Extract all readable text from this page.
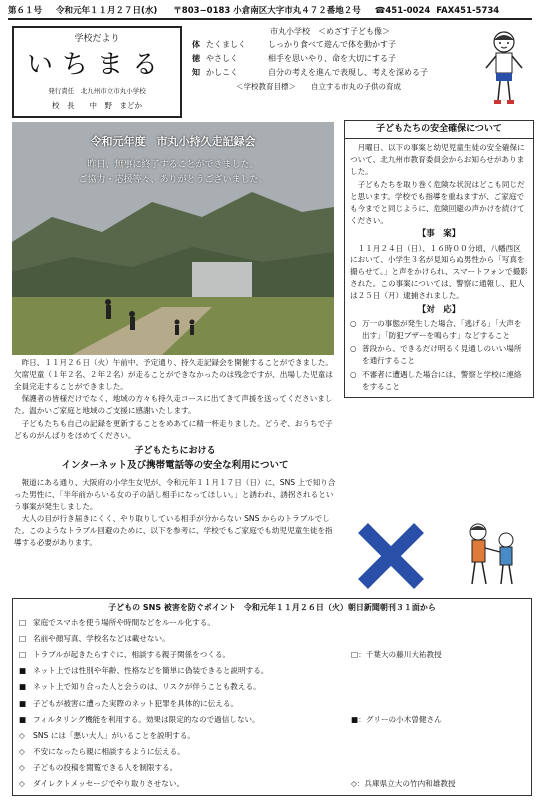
第６１号 令和元年１１月２７日(水) 〒803−0183 小倉南区大字市丸４７２番地２号 ☎451-0024 FAX451-5734
学校だより
いちまる
発行責任　北九州市立市丸小学校
校　長　　中　野　まどか
市丸小学校　＜めざす子ども像＞
体 たくましく	しっかり食べて遊んで体を動かす子
徳 やさしく	相手を思いやり、命を大切にする子
知 かしこく	自分の考えを進んで表現し、考えを深める子
＜学校教育目標＞　　自立する市丸の子供の育成
令和元年度　市丸小持久走記録会
昨日、無事に終了することができました。
ご協力・応援等々、ありがとうございました。

昨日、１１月２６日（火）午前中、予定通り、持久走記録会を開催することができました。欠席児童（１年２名、２年２名）が走ることができなかったのは残念ですが、出場した児童は全員完走することができました。

保護者の皆様だけでなく、地域の方々も持久走コースに出てきて声援を送ってくださいました。温かいご家庭と地域のご支援に感謝いたします。

子どもたちも自己の記録を更新することをめあてに精一杯走りました。どうぞ、おうちで子どものがんばりをほめてください。

子どもたちにおける
インターネット及び携帯電話等の安全な利用について

報道にある通り、大阪府の小学生女児が、令和元年１１月１７日（日）に、SNS 上で知り合った男性に、「半年前からいる女の子の話し相手になってほしい。」と誘われ、誘拐されるという事案が発生しました。

大人の目が行き届きにくく、やり取りしている相手が分からない SNS からのトラブルでした。このようなトラブル回避のために、以下を参考に、学校でもご家庭でも幼児児童生徒を指導する必要があります。

子どもたちの安全確保について

月曜日、以下の事案と幼児児童生徒の安全確保について、北九州市教育委員会からお知らせがありました。

子どもたちを取り巻く危険な状況はどこも同じだと思います。学校でも指導を重ねますが、ご家庭でも今までと同じように、危険回避の声かけを続けてください。

【事　案】

１１月２４日（日）、１６時００分頃、八幡西区において、小学生３名が見知らぬ男性から「写真を撮らせて。」と声をかけられ、スマートフォンで撮影された。この事案については、警察に通報し、犯人は２５日（月）逮捕されました。

【対　応】
○ 万一の事態が発生した場合、「逃げる」「大声を出す」「防犯ブザーを鳴らす」などすること
○ 普段から、できるだけ明るく見通しのいい場所を通行すること
○ 不審者に遭遇した場合には、警察と学校に連絡をすること
子どもの SNS 被害を防ぐポイント　令和元年１１月２６日（火）朝日新聞朝刊３１面から
□ 家庭でスマホを使う場所や時間などをルール化する。
□ 名前や顔写真、学校名などは載せない。
□ トラブルが起きたらすぐに、相談する親子関係をつくる。	□：千葉大の藤川大祐教授
■ ネット上では性別や年齢、性格などを簡単に偽装できると説明する。
■ ネット上で知り合った人と会うのは、リスクが伴うことも教える。
■ 子どもが被害に遭った実際のネット犯罪を具体的に伝える。
■ フィルタリング機能を利用する。効果は限定的なので過信しない。	■：グリーの小木曽健さん
◇	SNS には「悪い大人」がいることを説明する。
◇	不安になったら親に相談するように伝える。
◇	子どもの投稿を閲覧できる人を制限する。
◇	ダイレクトメッセージでやり取りさせない。	◇：兵庫県立大の竹内和雄教授
